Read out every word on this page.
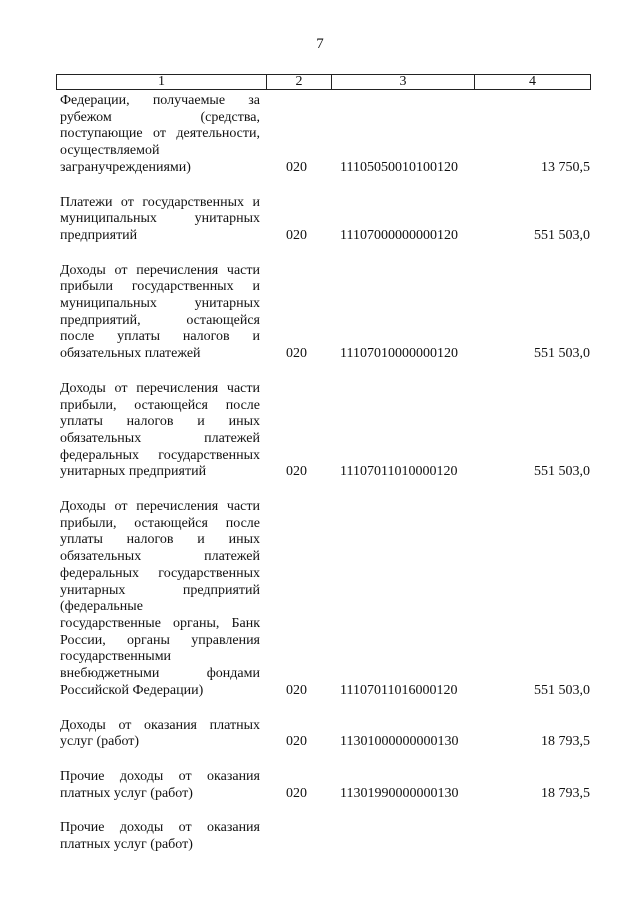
7
1	2	3	4
Федерации, получаемые за
рубежом (средства,
поступающие от деятельности,
осуществляемой
загранучреждениями)	020 11105050010100120	13 750,5
Платежи от государственных и
муниципальных унитарных
предприятий	020 11107000000000120	551 503,0
Доходы от перечисления части
прибыли государственных и
муниципальных унитарных
предприятий, остающейся
после уплаты налогов и
обязательных платежей	020 11107010000000120	551 503,0
Доходы от перечисления части
прибыли, остающейся после
уплаты налогов и иных
обязательных платежей
федеральных государственных
унитарных предприятий	020 11107011010000120	551 503,0
Доходы от перечисления части
прибыли, остающейся после
уплаты налогов и иных
обязательных платежей
федеральных государственных
унитарных предприятий
(федеральные
государственные органы, Банк
России, органы управления
государственными
внебюджетными фондами
Российской Федерации)	020 11107011016000120	551 503,0
Доходы от оказания платных
услуг (работ)	020 11301000000000130	18 793,5
Прочие доходы от оказания
платных услуг (работ)	020 11301990000000130	18 793,5
Прочие доходы от оказания
платных услуг (работ)
